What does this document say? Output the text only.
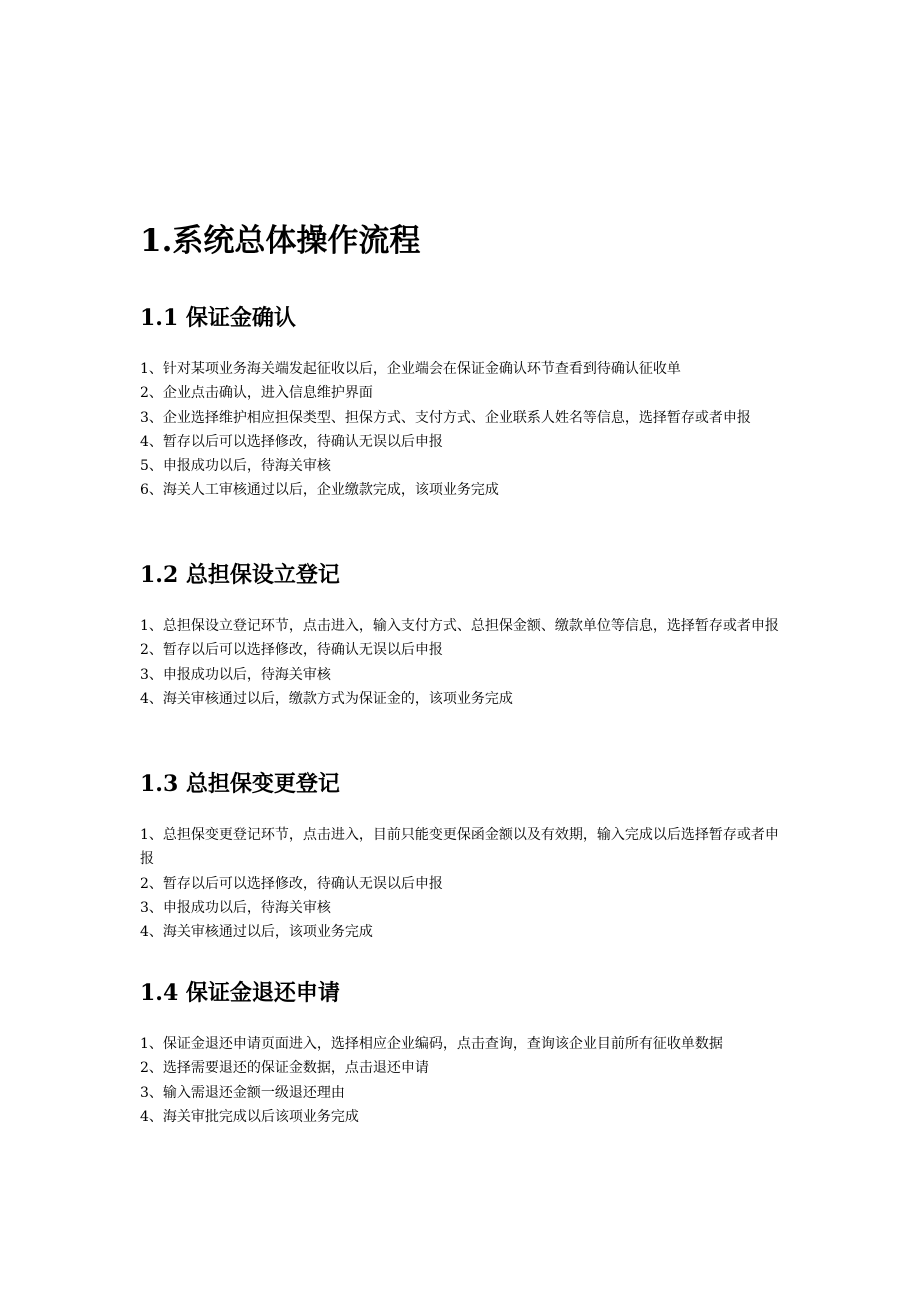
1.系统总体操作流程
1.1 保证金确认
1、针对某项业务海关端发起征收以后，企业端会在保证金确认环节查看到待确认征收单
2、企业点击确认，进入信息维护界面
3、企业选择维护相应担保类型、担保方式、支付方式、企业联系人姓名等信息，选择暂存或者申报
4、暂存以后可以选择修改，待确认无误以后申报
5、申报成功以后，待海关审核
6、海关人工审核通过以后，企业缴款完成，该项业务完成
1.2 总担保设立登记
1、总担保设立登记环节，点击进入，输入支付方式、总担保金额、缴款单位等信息，选择暂存或者申报
2、暂存以后可以选择修改，待确认无误以后申报
3、申报成功以后，待海关审核
4、海关审核通过以后，缴款方式为保证金的，该项业务完成
1.3 总担保变更登记
1、总担保变更登记环节，点击进入，目前只能变更保函金额以及有效期，输入完成以后选择暂存或者申报
2、暂存以后可以选择修改，待确认无误以后申报
3、申报成功以后，待海关审核
4、海关审核通过以后，该项业务完成
1.4 保证金退还申请
1、保证金退还申请页面进入，选择相应企业编码，点击查询，查询该企业目前所有征收单数据
2、选择需要退还的保证金数据，点击退还申请
3、输入需退还金额一级退还理由
4、海关审批完成以后该项业务完成
